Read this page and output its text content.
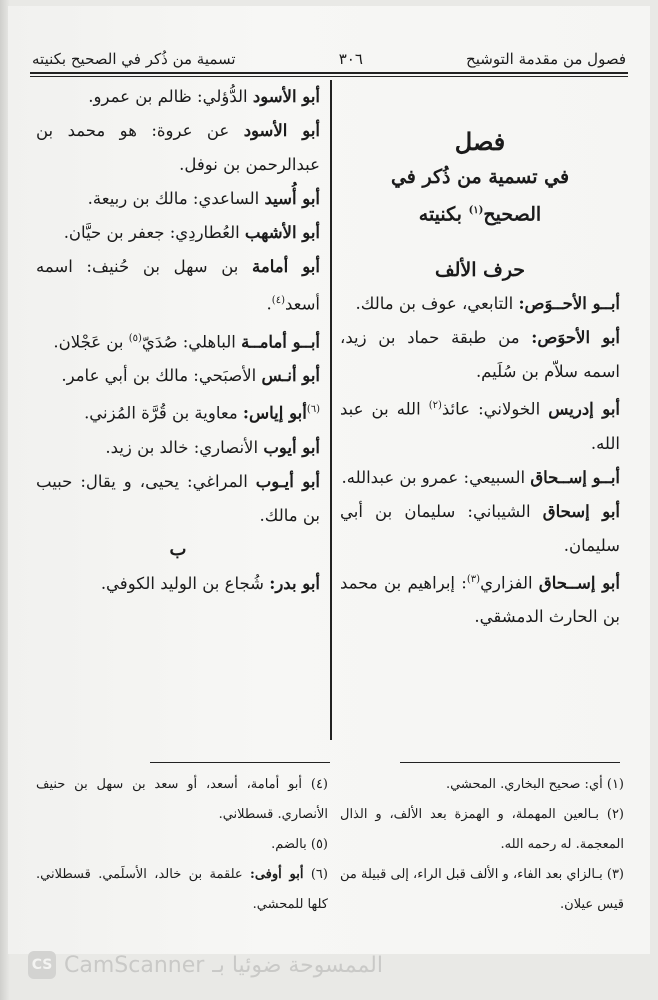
فصول من مقدمة التوشيح
٣٠٦
تسمية من ذُكر في الصحيح بكنيته
فصل
في تسمية من ذُكر في
الصحيح$^{(١)}$ بكنيته
حرف الألف

أبــو الأحــوَص: التابعي، عوف بن مالك.

أبو الأحوَص: من طبقة حماد بن زيد، اسمه سلاّم بن سُلَيم.

أبو إدريس الخولاني: عائذ$^{(٢)}$ الله بن عبد الله.

أبــو إســحاق السبيعي: عمرو بن عبدالله.

أبو إسحاق الشيباني: سليمان بن أبي سليمان.

أبو إســحاق الفزاري$^{(٣)}$: إبراهيم بن محمد بن الحارث الدمشقي.

أبو الأسود الدُّؤلي: ظالم بن عمرو.

أبو الأسود عن عروة: هو محمد بن عبدالرحمن بن نوفل.

أبو أُسيد الساعدي: مالك بن ربيعة.

أبو الأشهب العُطاردِي: جعفر بن حيَّان.

أبو أمامة بن سهل بن حُنيف: اسمه أسعد$^{(٤)}$.

أبــو أمامــة الباهلي: صُدَيّ$^{(٥)}$ بن عَجْلان.

أبو أنـس الأصبَحي: مالك بن أبي عامر.

$^{(٦)}$أبو إياس: معاوية بن قُرَّة المُزني.

أبو أيوب الأنصاري: خالد بن زيد.

أبو أيـوب المراغي: يحيى، و يقال: حبيب بن مالك.

ب

أبو بدر: شُجاع بن الوليد الكوفي.

(١) أي: صحيح البخاري. المحشي.

(٢) بـالعين المهملة، و الهمزة بعد الألف، و الذال المعجمة. له رحمه الله.

(٣) بـالزاي بعد الفاء، و الألف قبل الراء، إلى قبيلة من قيس عيلان.

(٤) أبو أمامة، أسعد، أو سعد بن سهل بن حنيف الأنصاري. قسطلاني.

(٥) بالضم.

(٦) أبو أوفى: علقمة بن خالد، الأسلَمي. قسطلاني. كلها للمحشي.

CS CamScanner الممسوحة ضوئيا بـ
